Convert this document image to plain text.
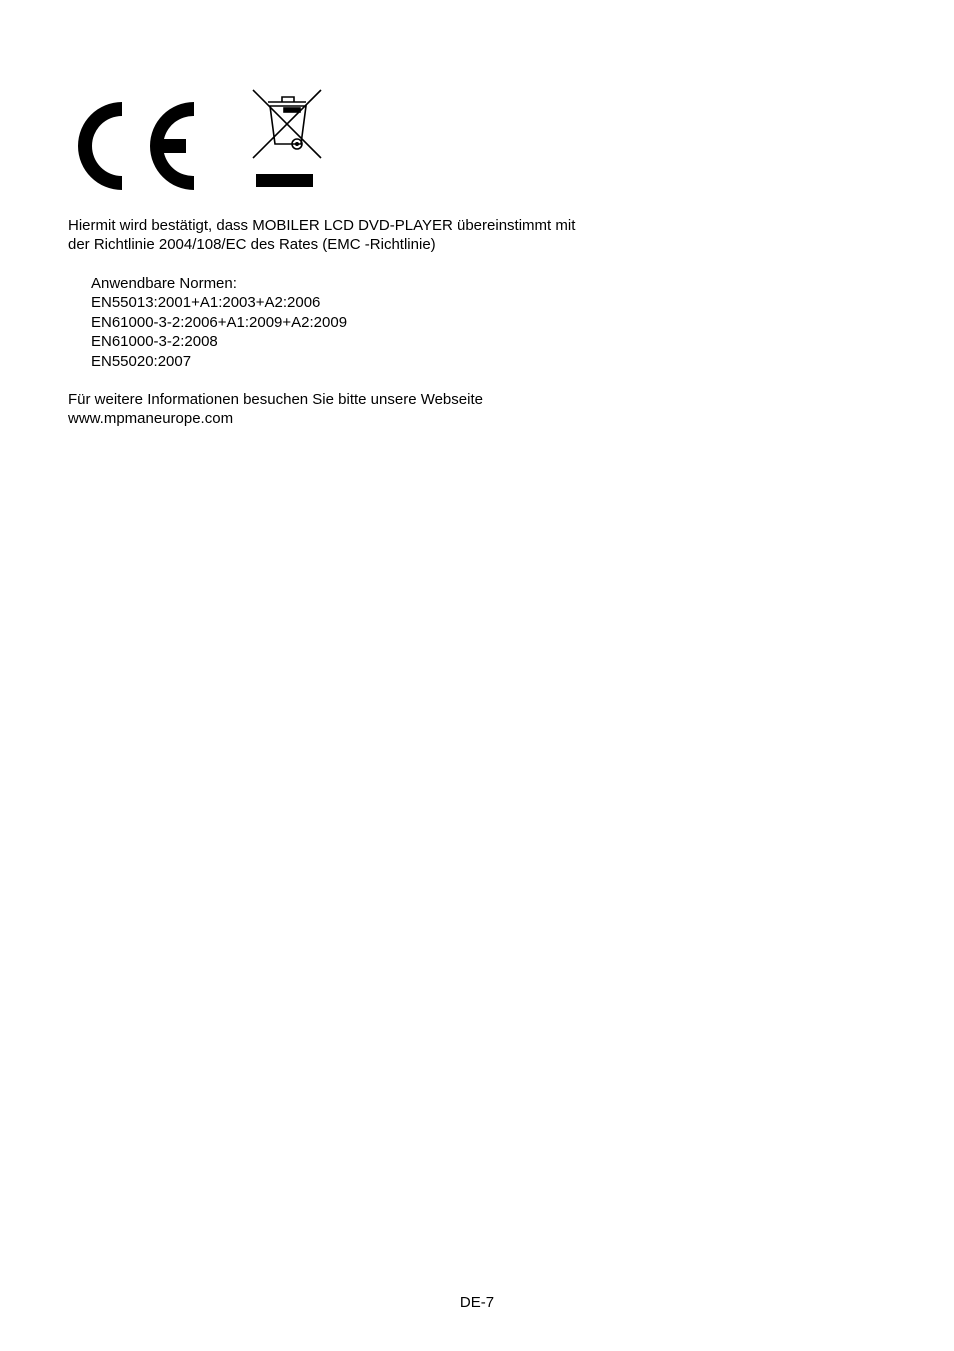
Hiermit wird bestätigt, dass MOBILER LCD DVD-PLAYER übereinstimmt mit
der Richtlinie 2004/108/EC des Rates (EMC -Richtlinie)

Anwendbare Normen:
EN55013:2001+A1:2003+A2:2006
EN61000-3-2:2006+A1:2009+A2:2009
EN61000-3-2:2008
EN55020:2007

Für weitere Informationen besuchen Sie bitte unsere Webseite
www.mpmaneurope.com

DE-7
